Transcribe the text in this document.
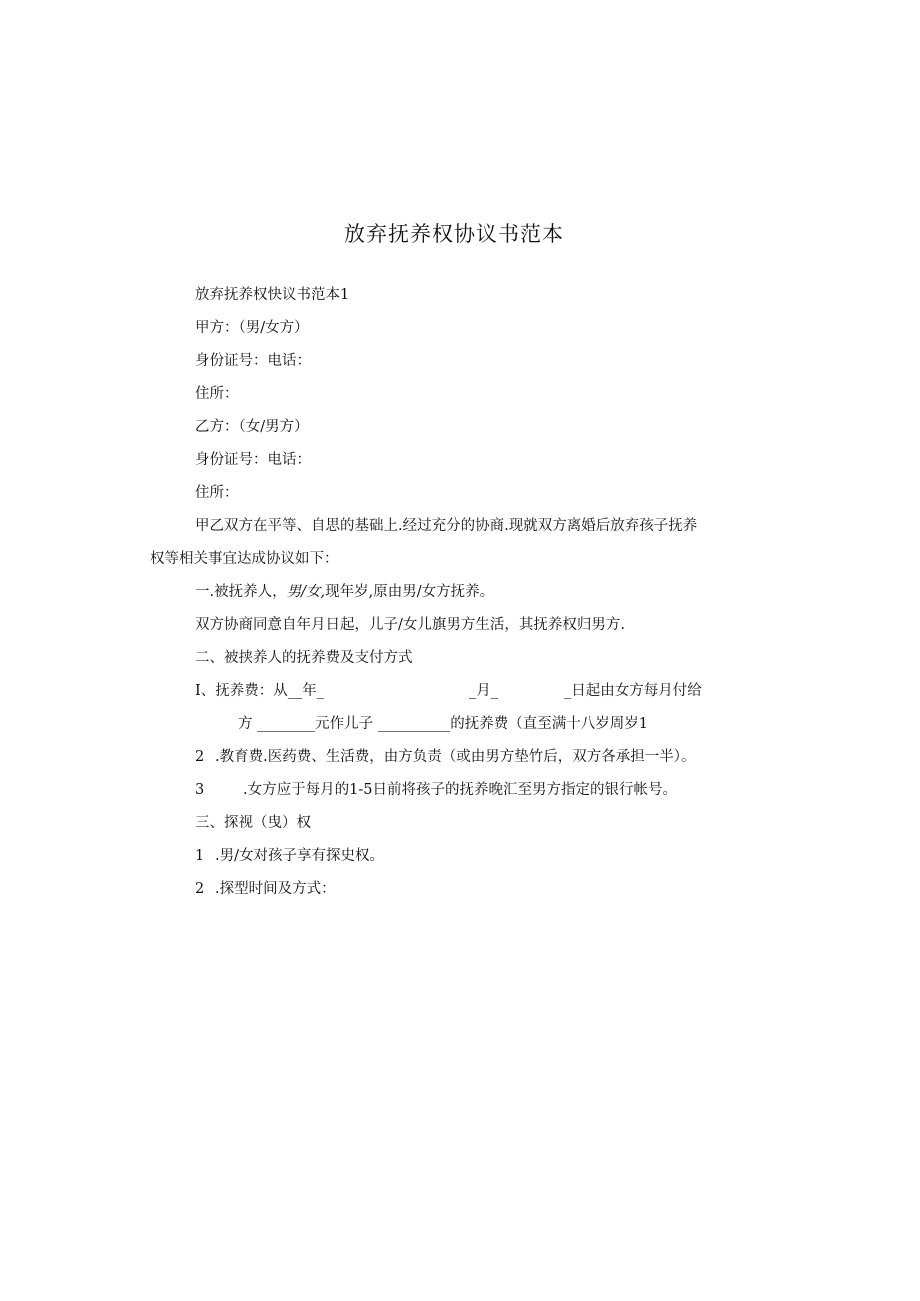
放弃抚养权协议书范本
放弃抚养权快议书范本1
甲方：（男/女方）
身份证号：电话：
住所：
乙方：（女/男方）
身份证号：电话：
住所：
甲乙双方在平等、自思的基础上.经过充分的协商.现就双方离婚后放弃孩子抚养
权等相关事宜达成协议如下：
一.被抚养人，男/女,现年岁,原由男/女方抚养。
双方协商同意自年月日起，儿子/女儿旗男方生活，其抚养权归男方.
二、被挟养人的抚养费及支付方式
I、抚养费：从__年_	_月_	_日起由女方每月付给
方 ________元作儿子 __________的抚养费（直至满十八岁周岁1
2 .教育费.医药费、生活费，由方负责（或由男方垫竹后，双方各承担一半）。
3	.女方应于每月的1-5日前将孩子的抚养晚汇至男方指定的银行帐号。
三、探视（曳）权
1 .男/女对孩子享有探史权。
2 .探型时间及方式：
